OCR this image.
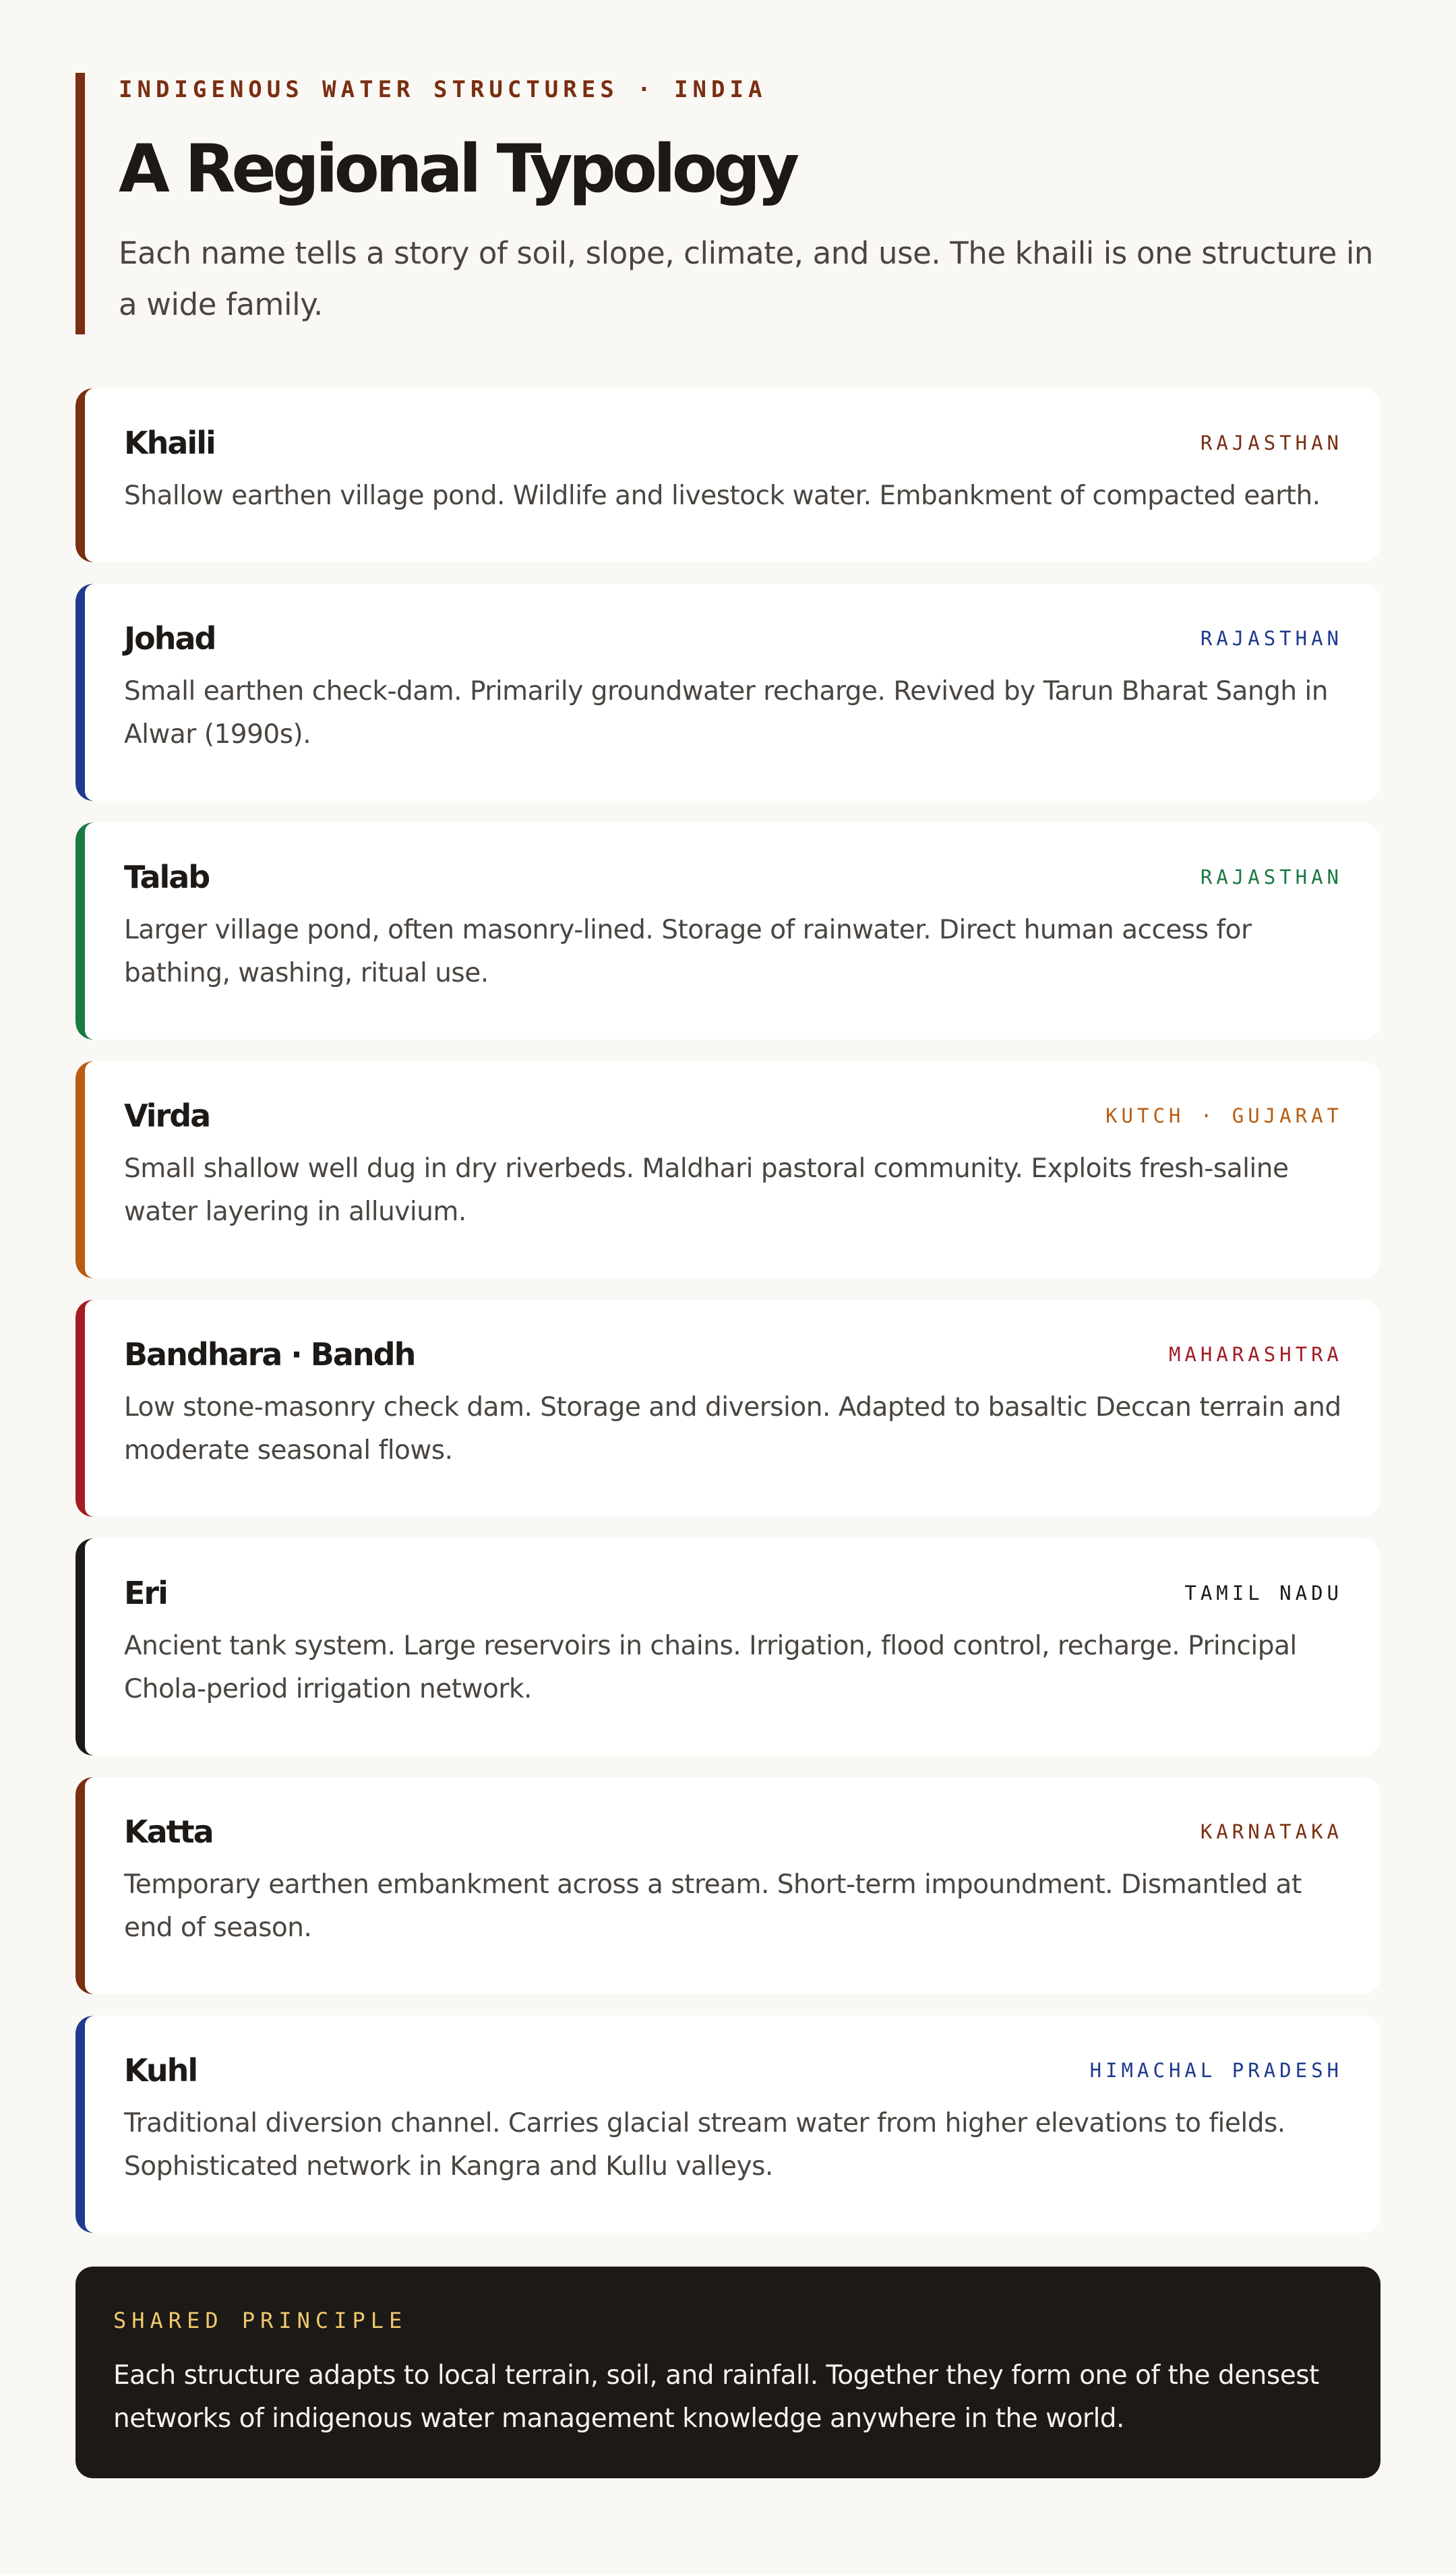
INDIGENOUS WATER STRUCTURES · INDIA

A Regional Typology

Each name tells a story of soil, slope, climate, and use. The khaili is one structure in a wide family.

Khaili	RAJASTHAN
Shallow earthen village pond. Wildlife and livestock water. Embankment of compacted earth.
Johad	RAJASTHAN
Small earthen check-dam. Primarily groundwater recharge. Revived by Tarun Bharat Sangh in Alwar (1990s).
Talab	RAJASTHAN
Larger village pond, often masonry-lined. Storage of rainwater. Direct human access for bathing, washing, ritual use.
Virda	KUTCH · GUJARAT
Small shallow well dug in dry riverbeds. Maldhari pastoral community. Exploits fresh-saline water layering in alluvium.
Bandhara · Bandh	MAHARASHTRA
Low stone-masonry check dam. Storage and diversion. Adapted to basaltic Deccan terrain and moderate seasonal flows.
Eri	TAMIL NADU
Ancient tank system. Large reservoirs in chains. Irrigation, flood control, recharge. Principal Chola-period irrigation network.
Katta	KARNATAKA
Temporary earthen embankment across a stream. Short-term impoundment. Dismantled at end of season.
Kuhl	HIMACHAL PRADESH
Traditional diversion channel. Carries glacial stream water from higher elevations to fields. Sophisticated network in Kangra and Kullu valleys.
SHARED PRINCIPLE
Each structure adapts to local terrain, soil, and rainfall. Together they form one of the densest networks of indigenous water management knowledge anywhere in the world.
